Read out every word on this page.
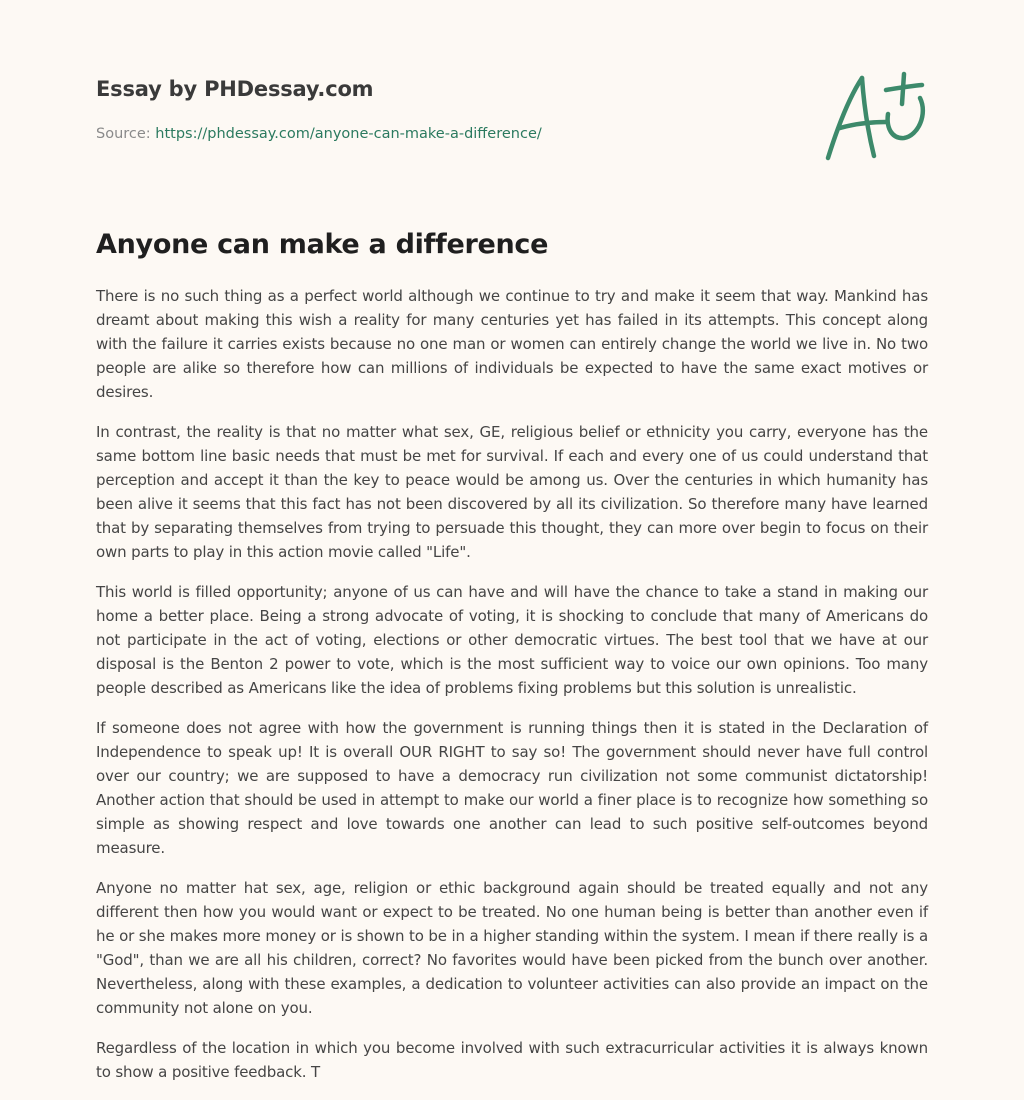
Essay by PHDessay.com
Source: https://phdessay.com/anyone-can-make-a-difference/
Anyone can make a difference

There is no such thing as a perfect world although we continue to try and make it seem that way. Mankind has dreamt about making this wish a reality for many centuries yet has failed in its attempts. This concept along with the failure it carries exists because no one man or women can entirely change the world we live in. No two people are alike so therefore how can millions of individuals be expected to have the same exact motives or desires.

In contrast, the reality is that no matter what sex, GE, religious belief or ethnicity you carry, everyone has the same bottom line basic needs that must be met for survival. If each and every one of us could understand that perception and accept it than the key to peace would be among us. Over the centuries in which humanity has been alive it seems that this fact has not been discovered by all its civilization. So therefore many have learned that by separating themselves from trying to persuade this thought, they can more over begin to focus on their own parts to play in this action movie called "Life".

This world is filled opportunity; anyone of us can have and will have the chance to take a stand in making our home a better place. Being a strong advocate of voting, it is shocking to conclude that many of Americans do not participate in the act of voting, elections or other democratic virtues. The best tool that we have at our disposal is the Benton 2 power to vote, which is the most sufficient way to voice our own opinions. Too many people described as Americans like the idea of problems fixing problems but this solution is unrealistic.

If someone does not agree with how the government is running things then it is stated in the Declaration of Independence to speak up! It is overall OUR RIGHT to say so! The government should never have full control over our country; we are supposed to have a democracy run civilization not some communist dictatorship! Another action that should be used in attempt to make our world a finer place is to recognize how something so simple as showing respect and love towards one another can lead to such positive self-outcomes beyond measure.

Anyone no matter hat sex, age, religion or ethic background again should be treated equally and not any different then how you would want or expect to be treated. No one human being is better than another even if he or she makes more money or is shown to be in a higher standing within the system. I mean if there really is a "God", than we are all his children, correct? No favorites would have been picked from the bunch over another. Nevertheless, along with these examples, a dedication to volunteer activities can also provide an impact on the community not alone on you.

Regardless of the location in which you become involved with such extracurricular activities it is always known to show a positive feedback. T
